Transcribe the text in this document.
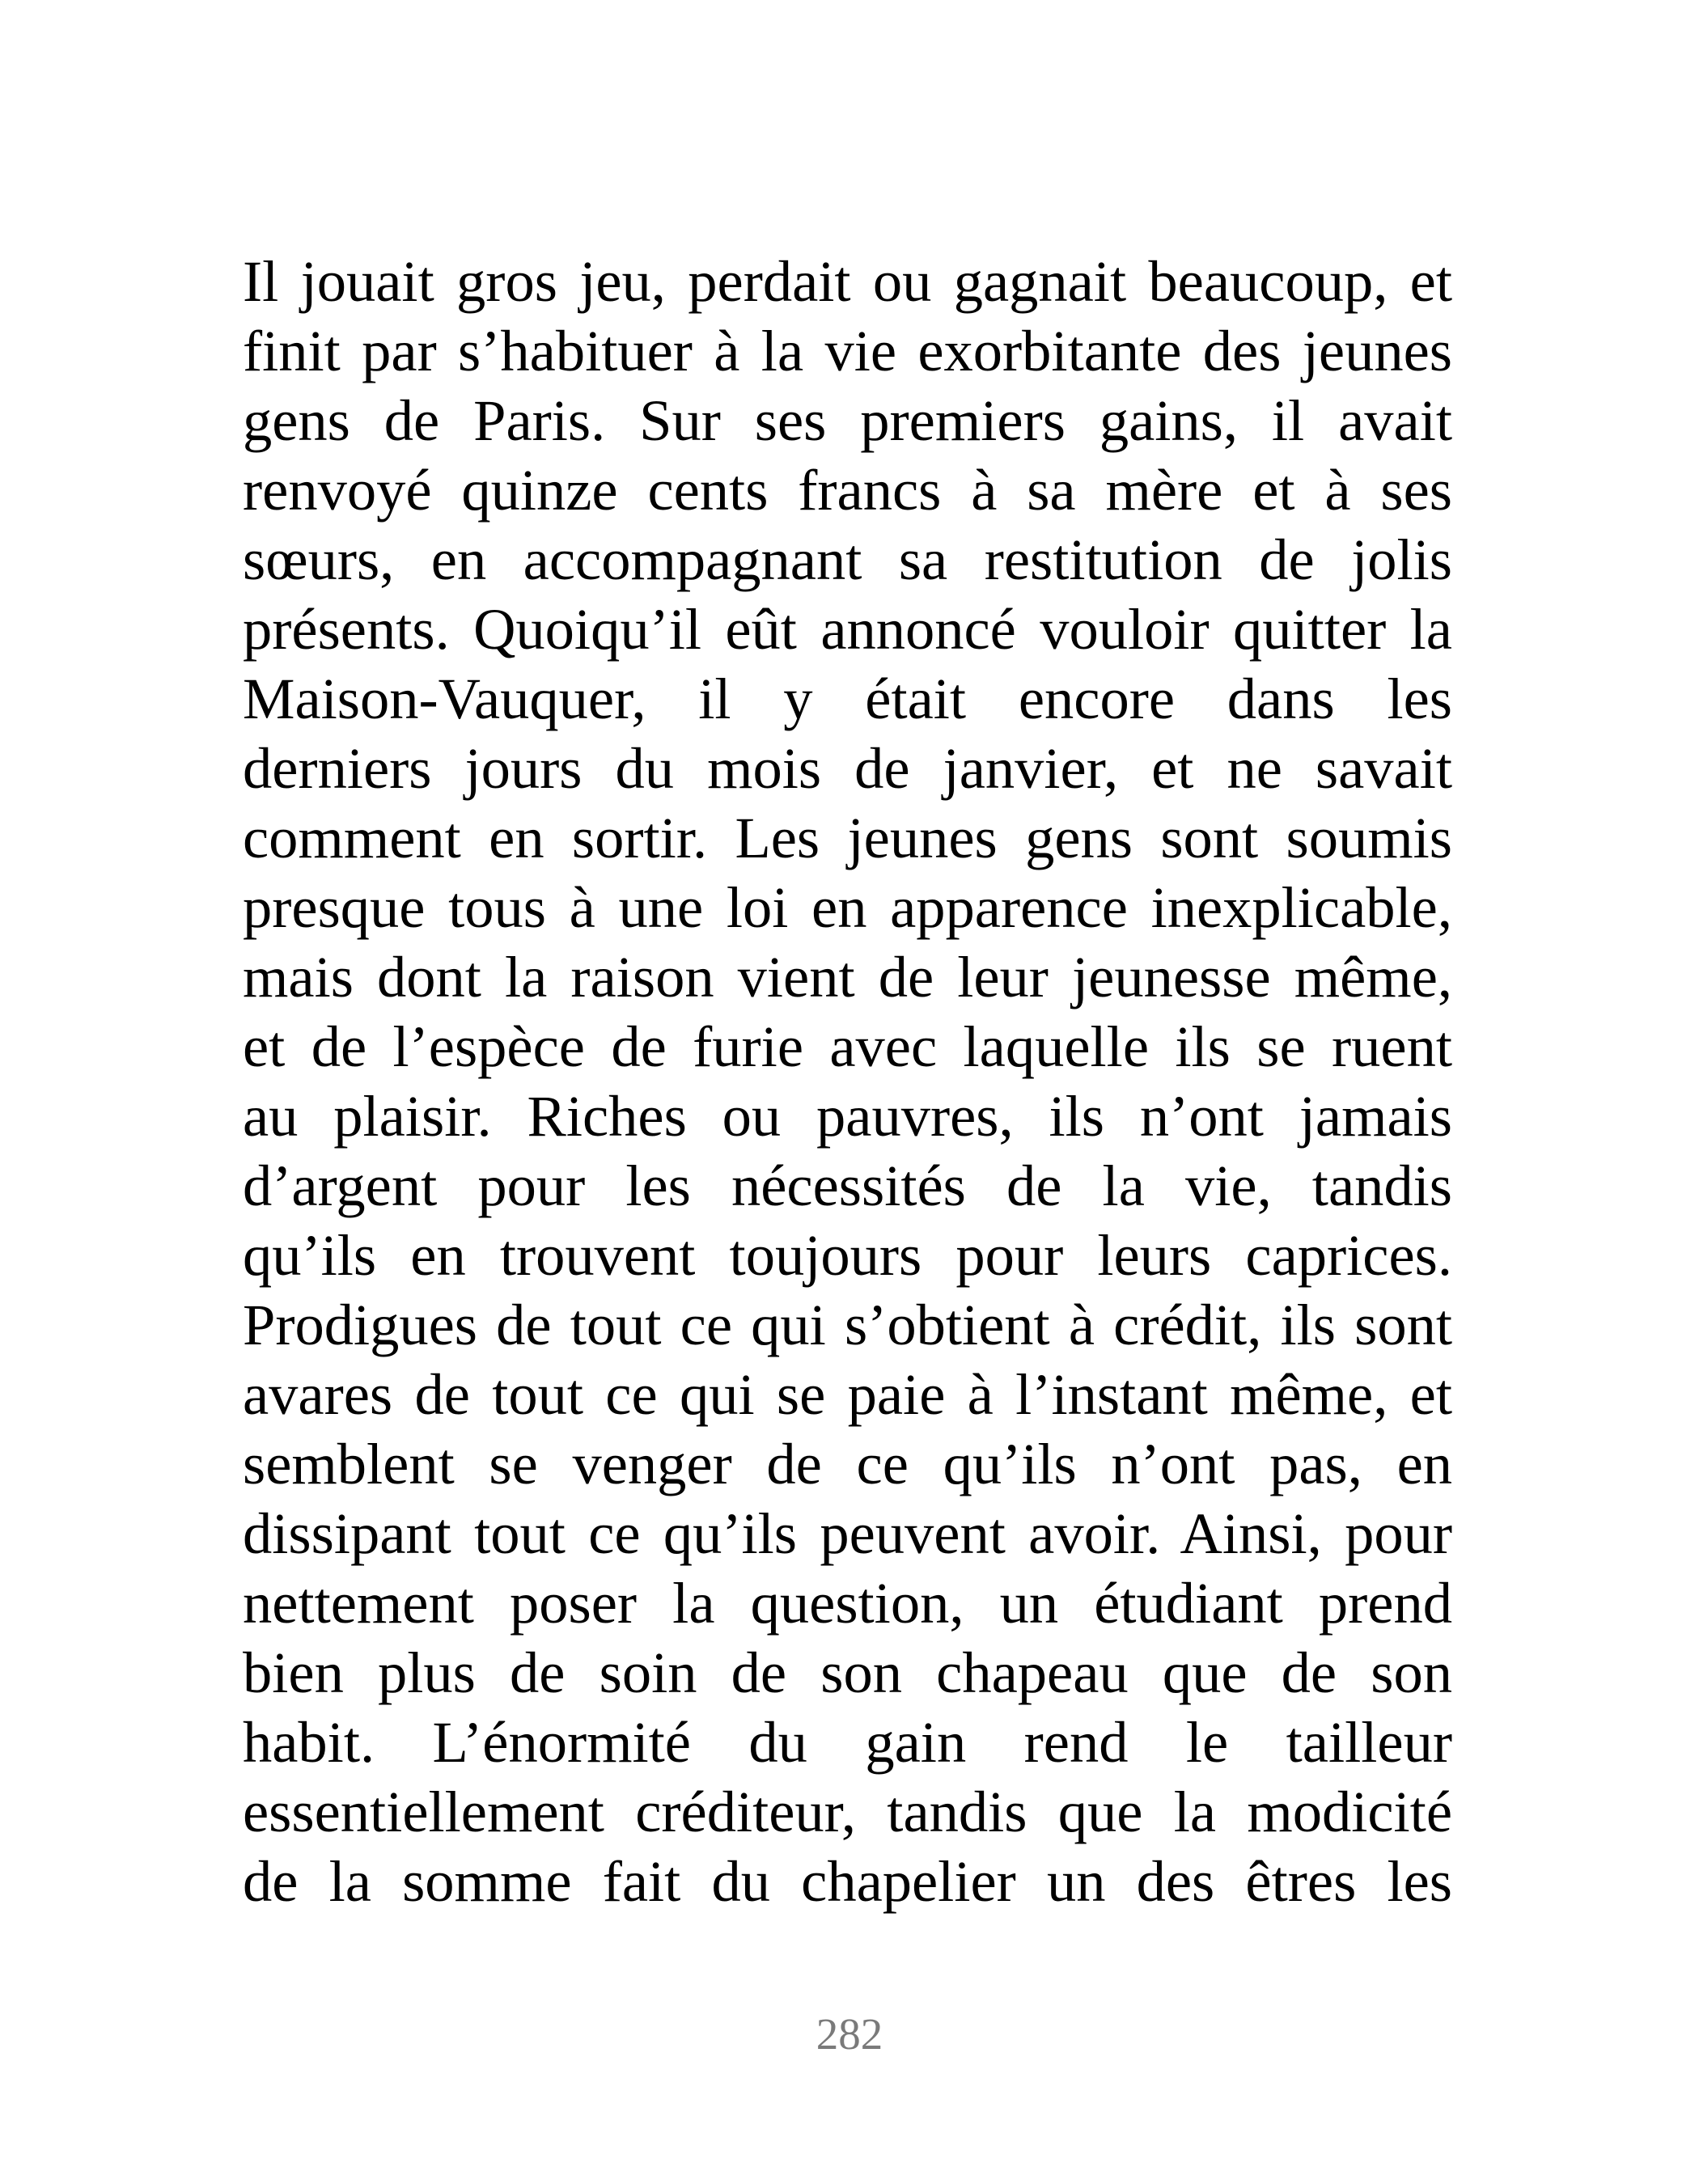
Il jouait gros jeu, perdait ou gagnait beaucoup, et
finit par s’habituer à la vie exorbitante des jeunes
gens de Paris. Sur ses premiers gains, il avait
renvoyé quinze cents francs à sa mère et à ses
sœurs, en accompagnant sa restitution de jolis
présents. Quoiqu’il eût annoncé vouloir quitter la
Maison-Vauquer, il y était encore dans les
derniers jours du mois de janvier, et ne savait
comment en sortir. Les jeunes gens sont soumis
presque tous à une loi en apparence inexplicable,
mais dont la raison vient de leur jeunesse même,
et de l’espèce de furie avec laquelle ils se ruent
au plaisir. Riches ou pauvres, ils n’ont jamais
d’argent pour les nécessités de la vie, tandis
qu’ils en trouvent toujours pour leurs caprices.
Prodigues de tout ce qui s’obtient à crédit, ils sont
avares de tout ce qui se paie à l’instant même, et
semblent se venger de ce qu’ils n’ont pas, en
dissipant tout ce qu’ils peuvent avoir. Ainsi, pour
nettement poser la question, un étudiant prend
bien plus de soin de son chapeau que de son
habit. L’énormité du gain rend le tailleur
essentiellement créditeur, tandis que la modicité
de la somme fait du chapelier un des êtres les
282
